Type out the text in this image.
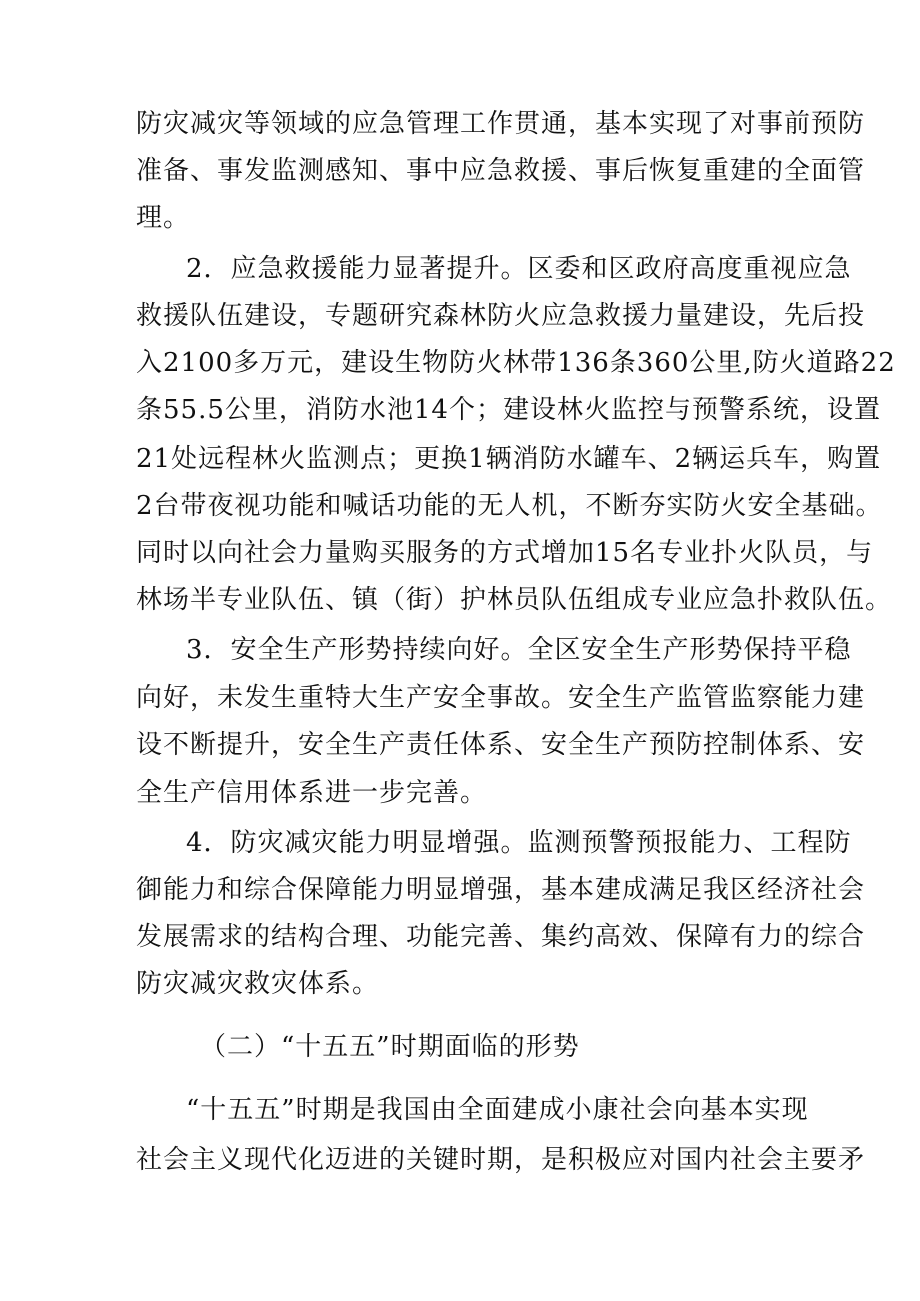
防灾减灾等领域的应急管理工作贯通，基本实现了对事前预防
准备、事发监测感知、事中应急救援、事后恢复重建的全面管
理。
2．应急救援能力显著提升。区委和区政府高度重视应急
救援队伍建设，专题研究森林防火应急救援力量建设，先后投
入2100多万元，建设生物防火林带136条360公里,防火道路22
条55.5公里，消防水池14个；建设林火监控与预警系统，设置
21处远程林火监测点；更换1辆消防水罐车、2辆运兵车，购置
2台带夜视功能和喊话功能的无人机，不断夯实防火安全基础。
同时以向社会力量购买服务的方式增加15名专业扑火队员，与
林场半专业队伍、镇（街）护林员队伍组成专业应急扑救队伍。
3．安全生产形势持续向好。全区安全生产形势保持平稳
向好，未发生重特大生产安全事故。安全生产监管监察能力建
设不断提升，安全生产责任体系、安全生产预防控制体系、安
全生产信用体系进一步完善。
4．防灾减灾能力明显增强。监测预警预报能力、工程防
御能力和综合保障能力明显增强，基本建成满足我区经济社会
发展需求的结构合理、功能完善、集约高效、保障有力的综合
防灾减灾救灾体系。
（二）“十五五”时期面临的形势
“十五五”时期是我国由全面建成小康社会向基本实现
社会主义现代化迈进的关键时期，是积极应对国内社会主要矛
